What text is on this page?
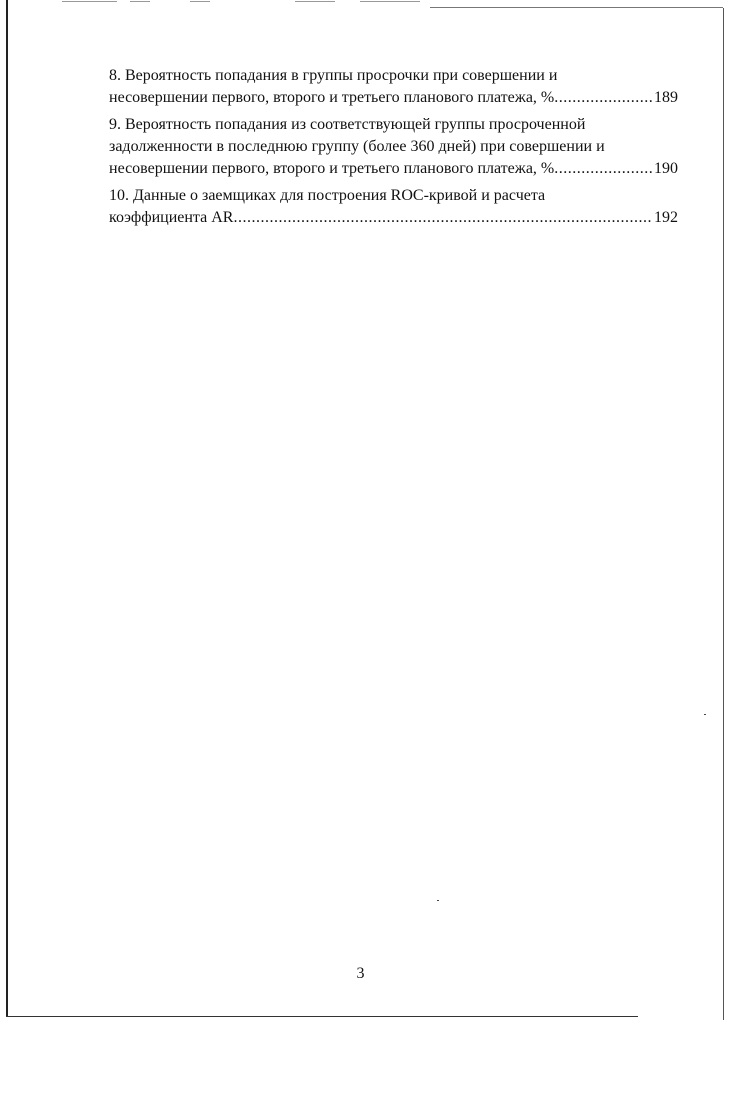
8. Вероятность попадания в группы просрочки при совершении и
несовершении первого, второго и третьего планового платежа, % .....	189
9. Вероятность попадания из соответствующей группы просроченной
задолженности в последнюю группу (более 360 дней) при совершении и
несовершении первого, второго и третьего планового платежа, % .....	190
10. Данные о заемщиках для построения ROC-кривой и расчета
коэффициента AR .....	192
3
